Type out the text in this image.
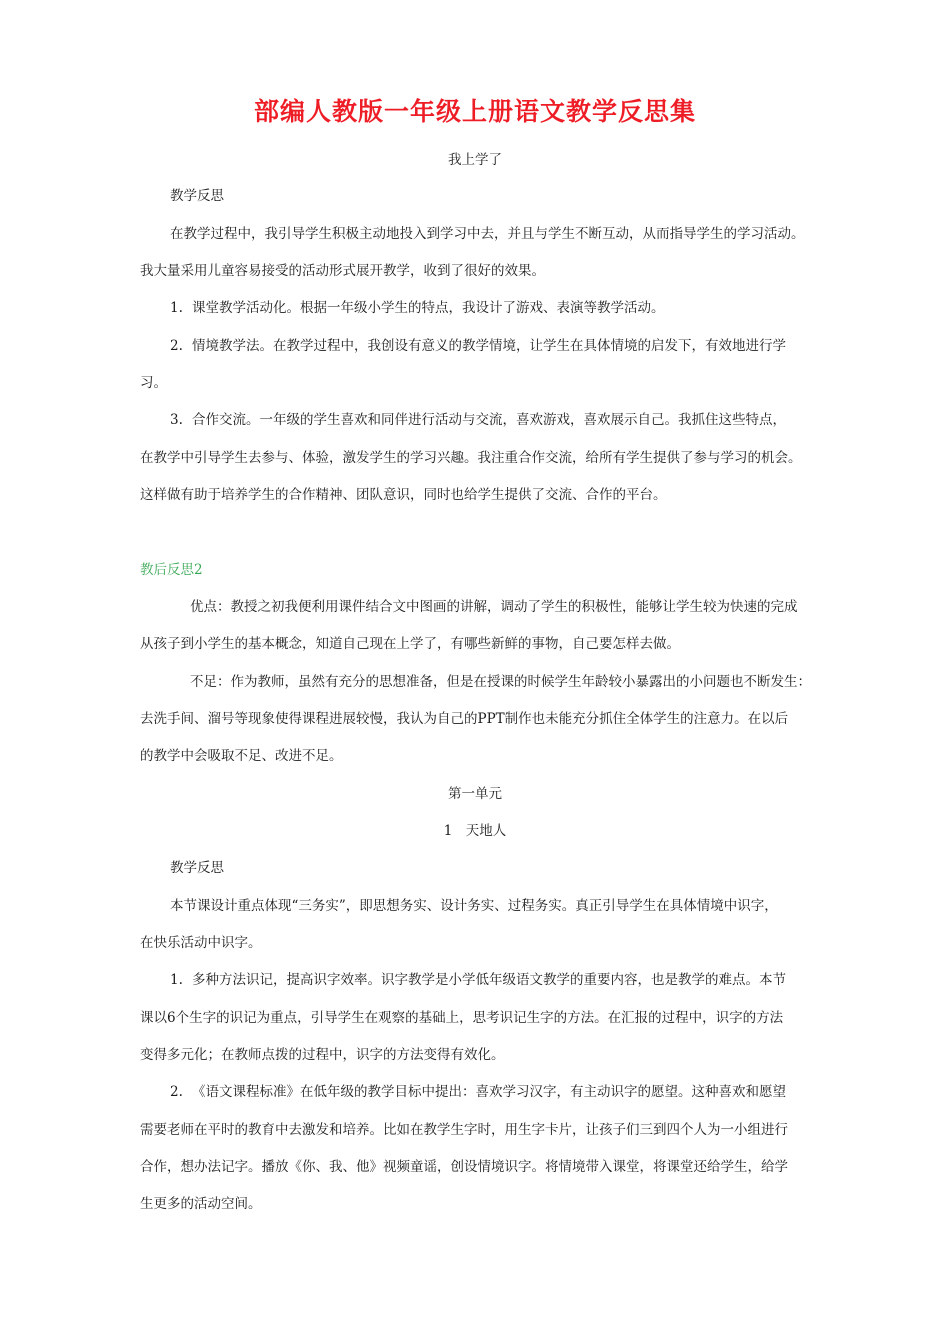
部编人教版一年级上册语文教学反思集
我上学了
教学反思
在教学过程中，我引导学生积极主动地投入到学习中去，并且与学生不断互动，从而指导学生的学习活动。
我大量采用儿童容易接受的活动形式展开教学，收到了很好的效果。
1. 课堂教学活动化。根据一年级小学生的特点，我设计了游戏、表演等教学活动。
2. 情境教学法。在教学过程中，我创设有意义的教学情境，让学生在具体情境的启发下，有效地进行学
习。
3. 合作交流。一年级的学生喜欢和同伴进行活动与交流，喜欢游戏，喜欢展示自己。我抓住这些特点，
在教学中引导学生去参与、体验，激发学生的学习兴趣。我注重合作交流，给所有学生提供了参与学习的机会。
这样做有助于培养学生的合作精神、团队意识，同时也给学生提供了交流、合作的平台。
教后反思2
优点：教授之初我便利用课件结合文中图画的讲解，调动了学生的积极性，能够让学生较为快速的完成
从孩子到小学生的基本概念，知道自己现在上学了，有哪些新鲜的事物，自己要怎样去做。
不足：作为教师，虽然有充分的思想准备，但是在授课的时候学生年龄较小暴露出的小问题也不断发生：
去洗手间、溜号等现象使得课程进展较慢，我认为自己的PPT制作也未能充分抓住全体学生的注意力。在以后
的教学中会吸取不足、改进不足。
第一单元
1　天地人
教学反思
本节课设计重点体现“三务实”，即思想务实、设计务实、过程务实。真正引导学生在具体情境中识字，
在快乐活动中识字。
1. 多种方法识记，提高识字效率。识字教学是小学低年级语文教学的重要内容，也是教学的难点。本节
课以6个生字的识记为重点，引导学生在观察的基础上，思考识记生字的方法。在汇报的过程中，识字的方法
变得多元化；在教师点拨的过程中，识字的方法变得有效化。
2. 《语文课程标准》在低年级的教学目标中提出：喜欢学习汉字，有主动识字的愿望。这种喜欢和愿望
需要老师在平时的教育中去激发和培养。比如在教学生字时，用生字卡片，让孩子们三到四个人为一小组进行
合作，想办法记字。播放《你、我、他》视频童谣，创设情境识字。将情境带入课堂，将课堂还给学生，给学
生更多的活动空间。
